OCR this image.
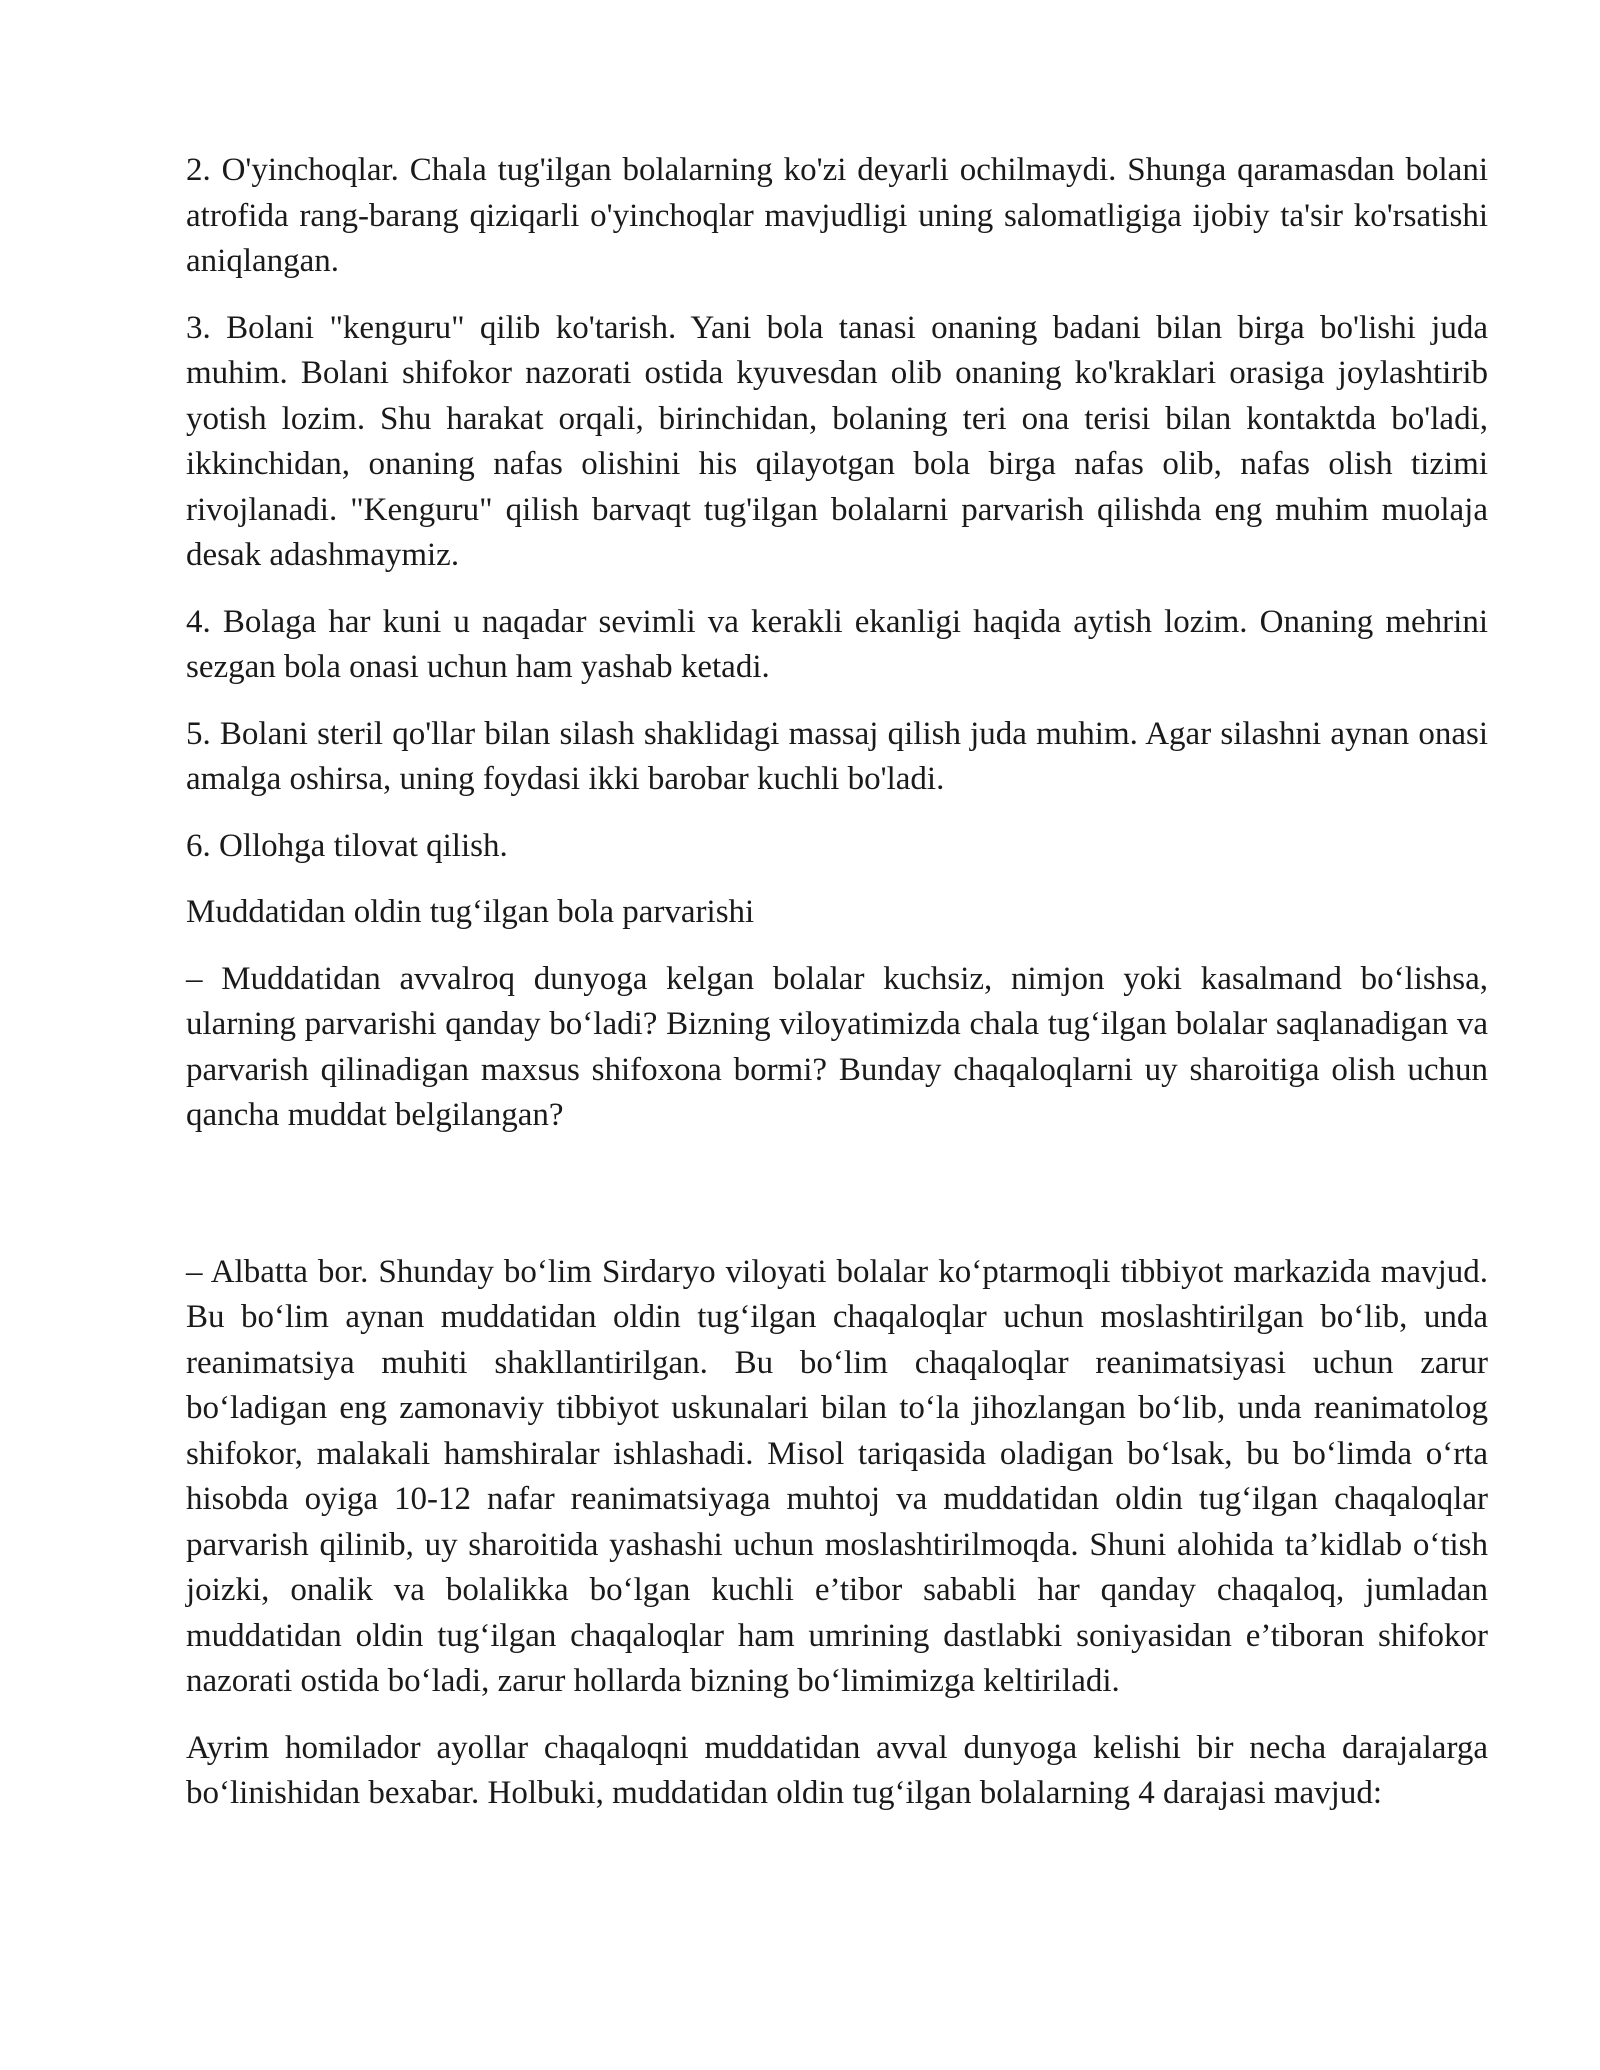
2. O'yinchoqlar. Chala tug'ilgan bolalarning ko'zi deyarli ochilmaydi. Shunga qaramasdan bolani atrofida rang-barang qiziqarli o'yinchoqlar mavjudligi uning salomatligiga ijobiy ta'sir ko'rsatishi aniqlangan.

3. Bolani "kenguru" qilib ko'tarish. Yani bola tanasi onaning badani bilan birga bo'lishi juda muhim. Bolani shifokor nazorati ostida kyuvesdan olib onaning ko'kraklari orasiga joylashtirib yotish lozim. Shu harakat orqali, birinchidan, bolaning teri ona terisi bilan kontaktda bo'ladi, ikkinchidan, onaning nafas olishini his qilayotgan bola birga nafas olib, nafas olish tizimi rivojlanadi. "Kenguru" qilish barvaqt tug'ilgan bolalarni parvarish qilishda eng muhim muolaja desak adashmaymiz.

4. Bolaga har kuni u naqadar sevimli va kerakli ekanligi haqida aytish lozim. Onaning mehrini sezgan bola onasi uchun ham yashab ketadi.

5. Bolani steril qo'llar bilan silash shaklidagi massaj qilish juda muhim. Agar silashni aynan onasi amalga oshirsa, uning foydasi ikki barobar kuchli bo'ladi.

6. Ollohga tilovat qilish.

Muddatidan oldin tug‘ilgan bola parvarishi

– Muddatidan avvalroq dunyoga kelgan bolalar kuchsiz, nimjon yoki kasalmand bo‘lishsa, ularning parvarishi qanday bo‘ladi? Bizning viloyatimizda chala tug‘ilgan bolalar saqlanadigan va parvarish qilinadigan maxsus shifoxona bormi? Bunday chaqaloqlarni uy sharoitiga olish uchun qancha muddat belgilangan?

– Albatta bor. Shunday bo‘lim Sirdaryo viloyati bolalar ko‘ptarmoqli tibbiyot markazida mavjud. Bu bo‘lim aynan muddatidan oldin tug‘ilgan chaqaloqlar uchun moslashtirilgan bo‘lib, unda reanimatsiya muhiti shakllantirilgan. Bu bo‘lim chaqaloqlar reanimatsiyasi uchun zarur bo‘ladigan eng zamonaviy tibbiyot uskunalari bilan to‘la jihozlangan bo‘lib, unda reanimatolog shifokor, malakali hamshiralar ishlashadi. Misol tariqasida oladigan bo‘lsak, bu bo‘limda o‘rta hisobda oyiga 10-12 nafar reanimatsiyaga muhtoj va muddatidan oldin tug‘ilgan chaqaloqlar parvarish qilinib, uy sharoitida yashashi uchun moslashtirilmoqda. Shuni alohida ta’kidlab o‘tish joizki, onalik va bolalikka bo‘lgan kuchli e’tibor sababli har qanday chaqaloq, jumladan muddatidan oldin tug‘ilgan chaqaloqlar ham umrining dastlabki soniyasidan e’tiboran shifokor nazorati ostida bo‘ladi, zarur hollarda bizning bo‘limimizga keltiriladi.

Ayrim homilador ayollar chaqaloqni muddatidan avval dunyoga kelishi bir necha darajalarga bo‘linishidan bexabar. Holbuki, muddatidan oldin tug‘ilgan bolalarning 4 darajasi mavjud:
